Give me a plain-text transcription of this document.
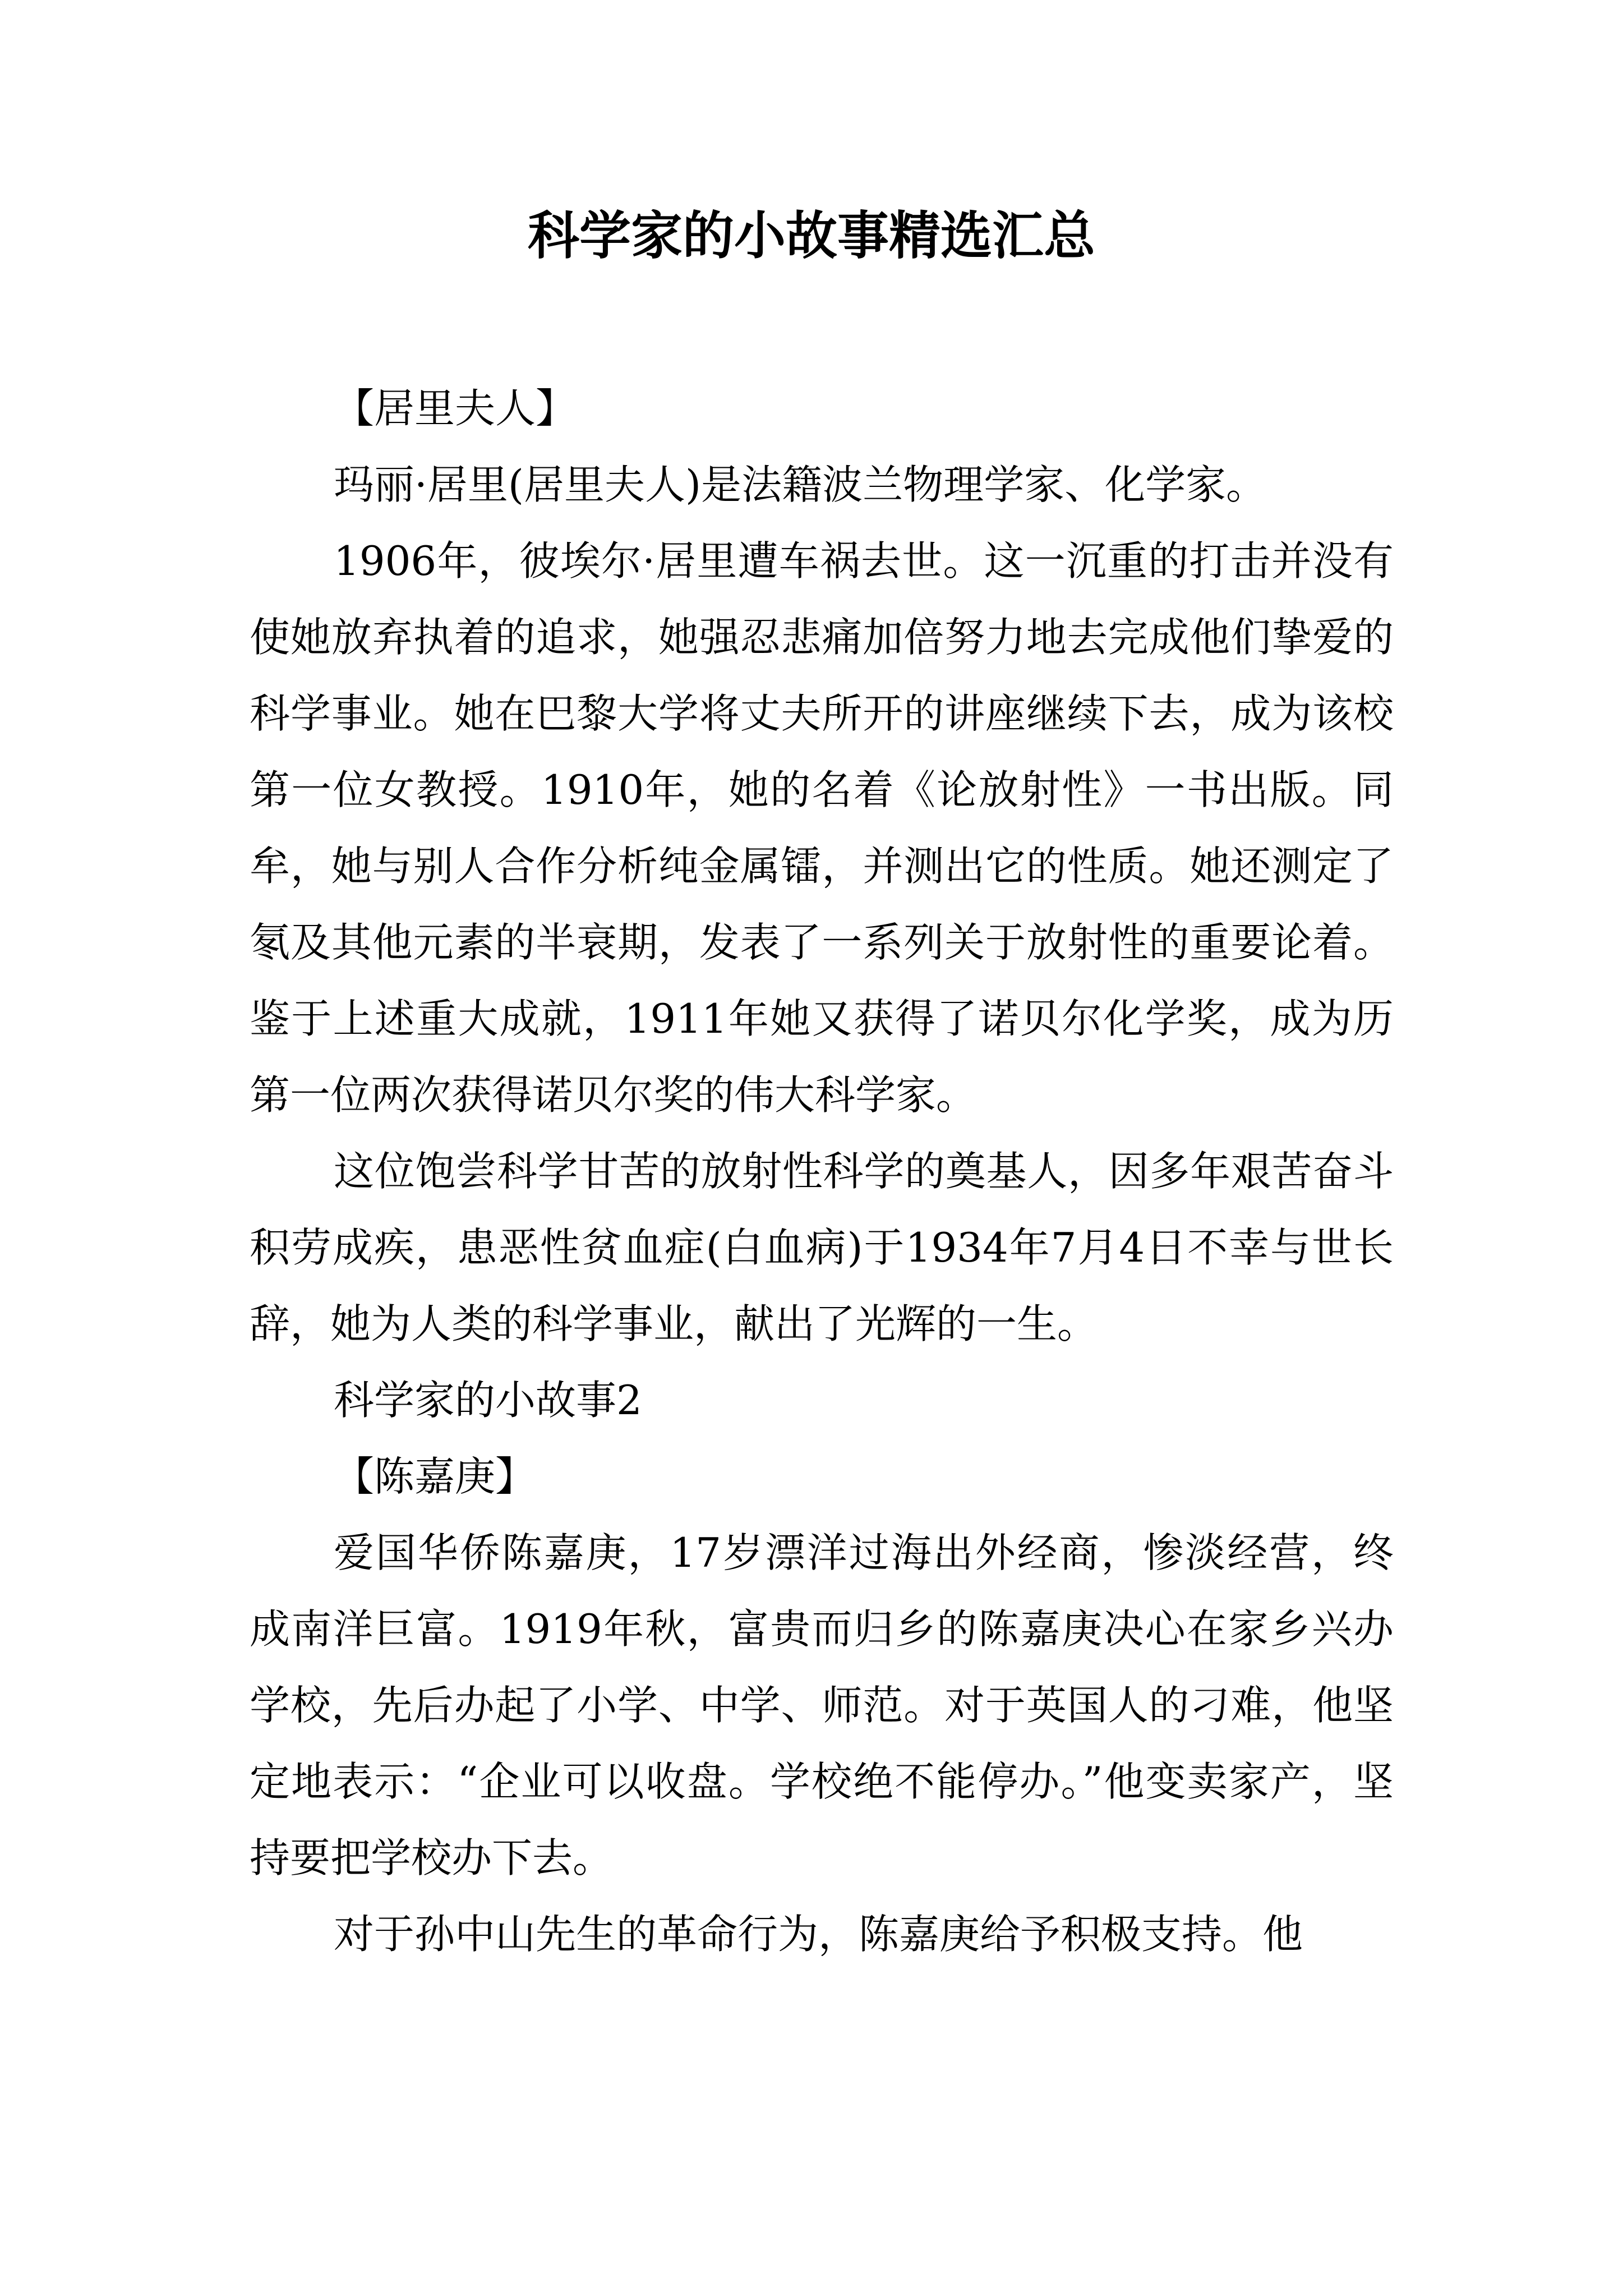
科学家的小故事精选汇总

【居里夫人】

玛丽·居里(居里夫人)是法籍波兰物理学家、化学家。

1906年，彼埃尔·居里遭车祸去世。这一沉重的打击并没有使她放弃执着的追求，她强忍悲痛加倍努力地去完成他们挚爱的科学事业。她在巴黎大学将丈夫所开的讲座继续下去，成为该校第一位女教授。1910年，她的名着《论放射性》一书出版。同牟，她与别人合作分析纯金属镭，并测出它的性质。她还测定了氡及其他元素的半衰期，发表了一系列关于放射性的重要论着。鉴于上述重大成就，1911年她又获得了诺贝尔化学奖，成为历第一位两次获得诺贝尔奖的伟大科学家。

这位饱尝科学甘苦的放射性科学的奠基人，因多年艰苦奋斗积劳成疾，患恶性贫血症(白血病)于1934年7月4日不幸与世长辞，她为人类的科学事业，献出了光辉的一生。

科学家的小故事2

【陈嘉庚】

爱国华侨陈嘉庚，17岁漂洋过海出外经商，惨淡经营，终成南洋巨富。1919年秋，富贵而归乡的陈嘉庚决心在家乡兴办学校，先后办起了小学、中学、师范。对于英国人的刁难，他坚定地表示：“企业可以收盘。学校绝不能停办。”他变卖家产，坚持要把学校办下去。

对于孙中山先生的革命行为，陈嘉庚给予积极支持。他
